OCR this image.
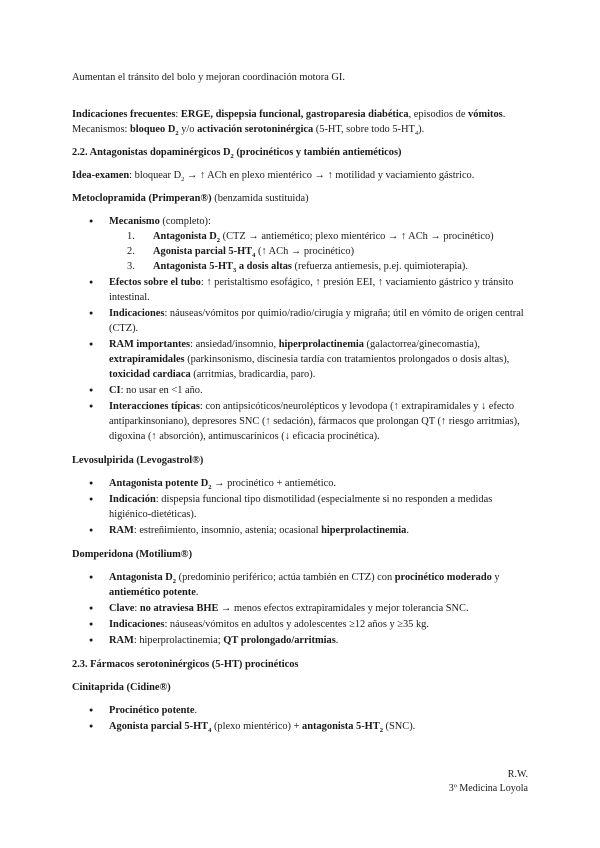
Aumentan el tránsito del bolo y mejoran coordinación motora GI.

Indicaciones frecuentes: ERGE, dispepsia funcional, gastroparesia diabética, episodios de vómitos. Mecanismos: bloqueo $D_2$ y/o activación serotoninérgica (5-HT, sobre todo $5-HT_4$).

2.2. Antagonistas dopaminérgicos $D_2$ (procinéticos y también antieméticos)

Idea-examen: bloquear $D_2$ → ↑ ACh en plexo mientérico → ↑ motilidad y vaciamiento gástrico.

Metoclopramida (Primperan®) (benzamida sustituida)

● Mecanismo (completo):
1. Antagonista $D_2$ (CTZ → antiemético; plexo mientérico → ↑ ACh → procinético)
2. Agonista parcial $5-HT_4$ (↑ ACh → procinético)
3. Antagonista $5-HT_3$ a dosis altas (refuerza antiemesis, p.ej. quimioterapia).
● Efectos sobre el tubo: ↑ peristaltismo esofágico, ↑ presión EEI, ↑ vaciamiento gástrico y tránsito intestinal.
● Indicaciones: náuseas/vómitos por quimio/radio/cirugía y migraña; útil en vómito de origen central (CTZ).
● RAM importantes: ansiedad/insomnio, hiperprolactinemia (galactorrea/ginecomastia), extrapiramidales (parkinsonismo, discinesia tardía con tratamientos prolongados o dosis altas), toxicidad cardiaca (arritmias, bradicardia, paro).
● CI: no usar en <1 año.
● Interacciones típicas: con antipsicóticos/neurolépticos y levodopa (↑ extrapiramidales y ↓ efecto antiparkinsoniano), depresores SNC (↑ sedación), fármacos que prolongan QT (↑ riesgo arritmias), digoxina (↑ absorción), antimuscarínicos (↓ eficacia procinética).

Levosulpirida (Levogastrol®)

● Antagonista potente $D_2$ → procinético + antiemético.
● Indicación: dispepsia funcional tipo dismotilidad (especialmente si no responden a medidas higiénico-dietéticas).
● RAM: estreñimiento, insomnio, astenia; ocasional hiperprolactinemia.

Domperidona (Motilium®)

● Antagonista $D_2$ (predominio periférico; actúa también en CTZ) con procinético moderado y antiemético potente.
● Clave: no atraviesa BHE → menos efectos extrapiramidales y mejor tolerancia SNC.
● Indicaciones: náuseas/vómitos en adultos y adolescentes ≥12 años y ≥35 kg.
● RAM: hiperprolactinemia; QT prolongado/arritmias.
2.3. Fármacos serotoninérgicos (5-HT) procinéticos

Cinitaprida (Cidine®)

● Procinético potente.
● Agonista parcial $5-HT_4$ (plexo mientérico) + antagonista $5-HT_2$ (SNC).
R.W.
3º Medicina Loyola
